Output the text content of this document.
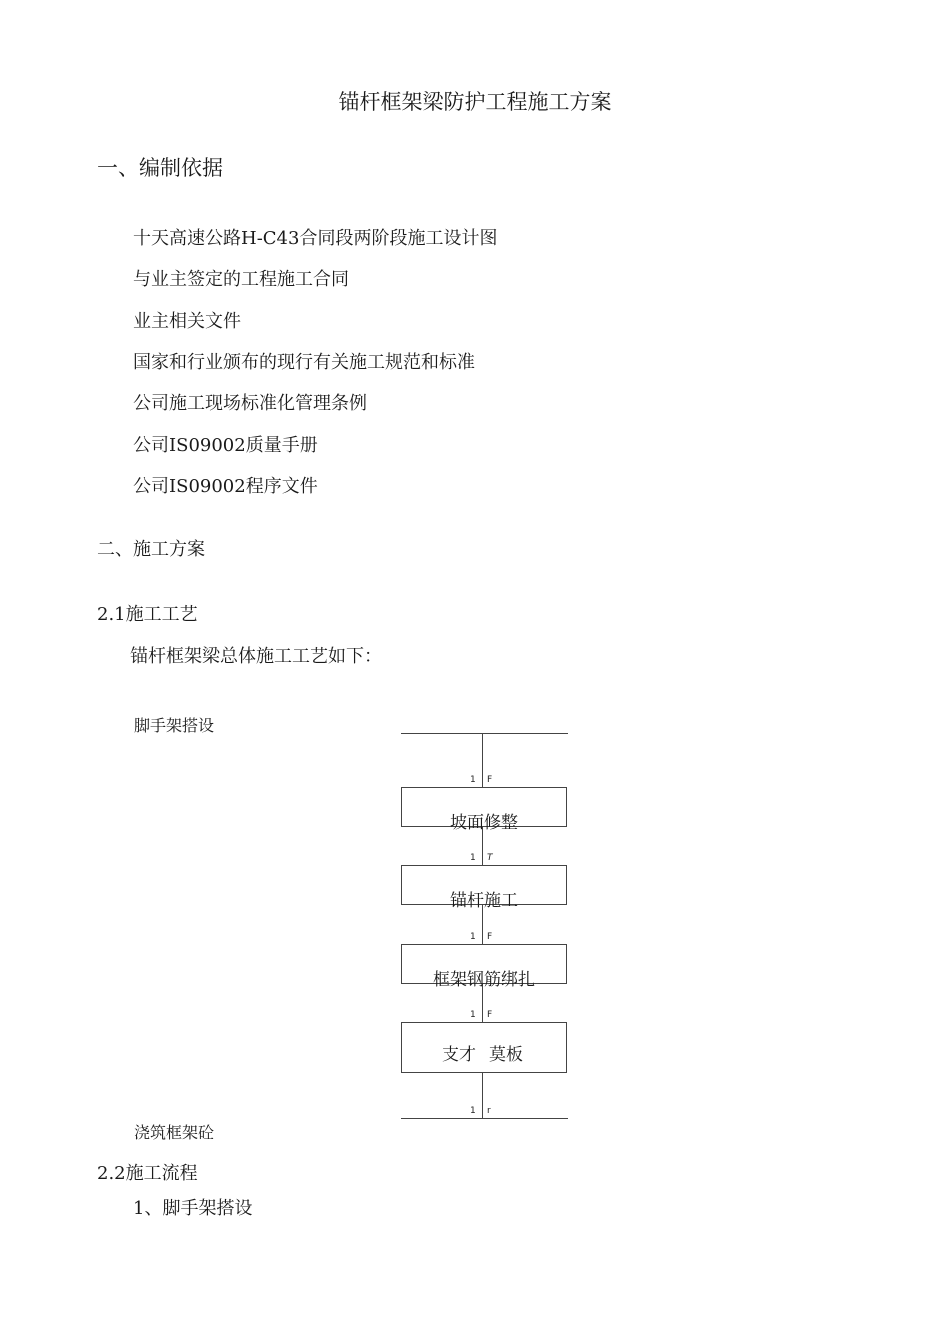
锚杆框架梁防护工程施工方案
一、编制依据
十天高速公路H-C43合同段两阶段施工设计图
与业主签定的工程施工合同
业主相关文件
国家和行业颁布的现行有关施工规范和标准
公司施工现场标准化管理条例
公司IS09002质量手册
公司IS09002程序文件
二、施工方案
2.1施工工艺
锚杆框架梁总体施工工艺如下：
脚手架搭设
坡面修整
锚杆施工
框架钢筋绑扎
支才 莫板
1 F
1 T
1 F
1 F
1 r
浇筑框架砼
2.2施工流程
1、脚手架搭设
